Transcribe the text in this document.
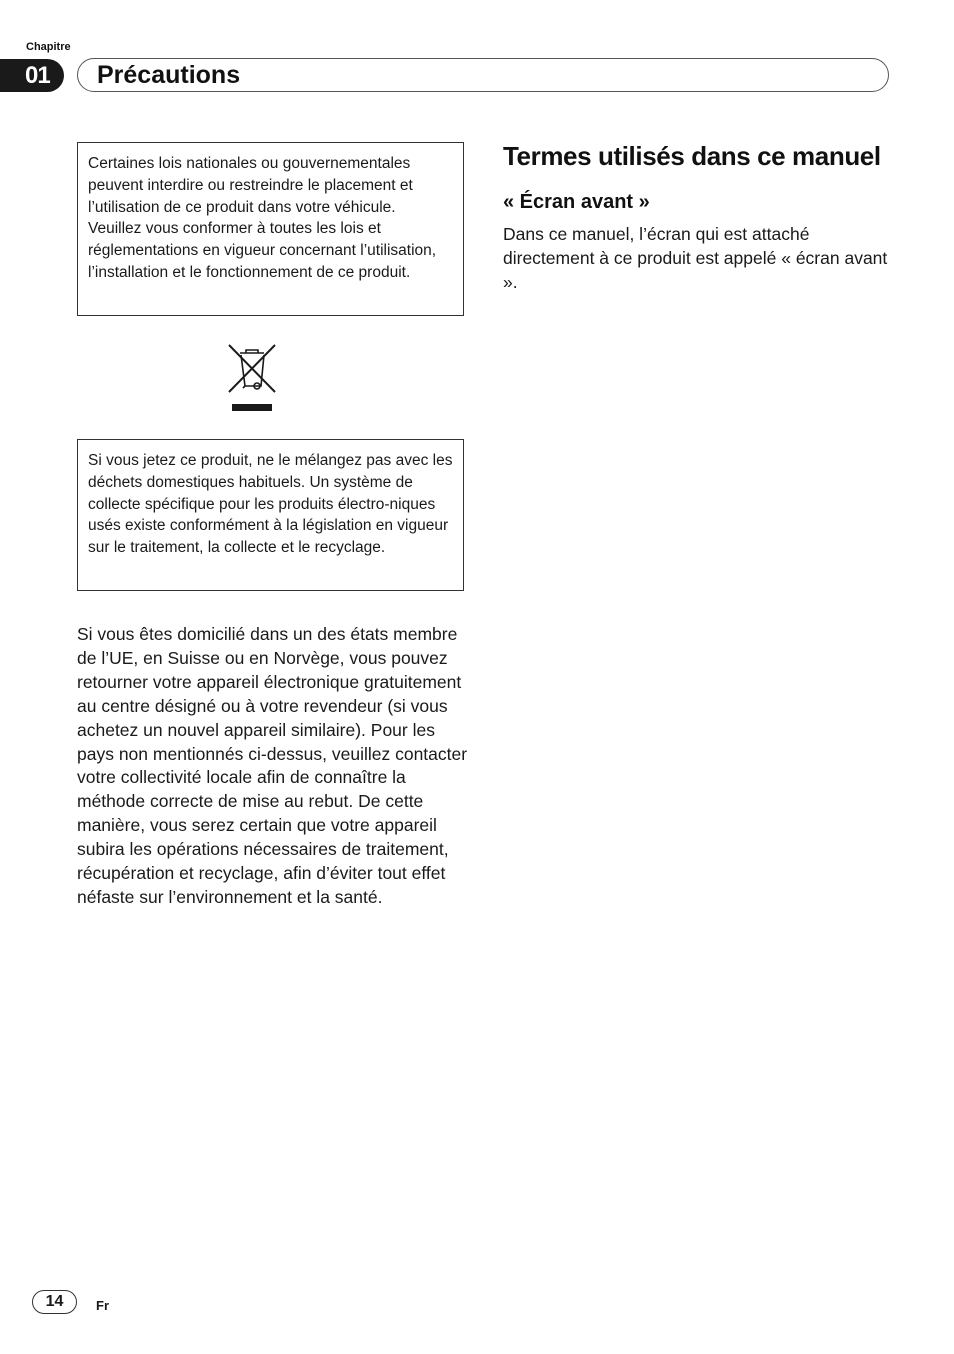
Chapitre
01	Précautions
Certaines lois nationales ou gouvernementales peuvent interdire ou restreindre le placement et l’utilisation de ce produit dans votre véhicule. Veuillez vous conformer à toutes les lois et réglementations en vigueur concernant l’utilisation, l’installation et le fonctionnement de ce produit.
Si vous jetez ce produit, ne le mélangez pas avec les déchets domestiques habituels. Un système de collecte spécifique pour les produits électro-niques usés existe conformément à la législation en vigueur sur le traitement, la collecte et le recyclage.
Si vous êtes domicilié dans un des états membre de l’UE, en Suisse ou en Norvège, vous pouvez retourner votre appareil électronique gratuitement au centre désigné ou à votre revendeur (si vous achetez un nouvel appareil similaire). Pour les pays non mentionnés ci-dessus, veuillez contacter votre collectivité locale afin de connaître la méthode correcte de mise au rebut. De cette manière, vous serez certain que votre appareil subira les opérations nécessaires de traitement, récupération et recyclage, afin d’éviter tout effet néfaste sur l’environnement et la santé.
Termes utilisés dans ce manuel
« Écran avant »
Dans ce manuel, l’écran qui est attaché directement à ce produit est appelé « écran avant ».
14	Fr
